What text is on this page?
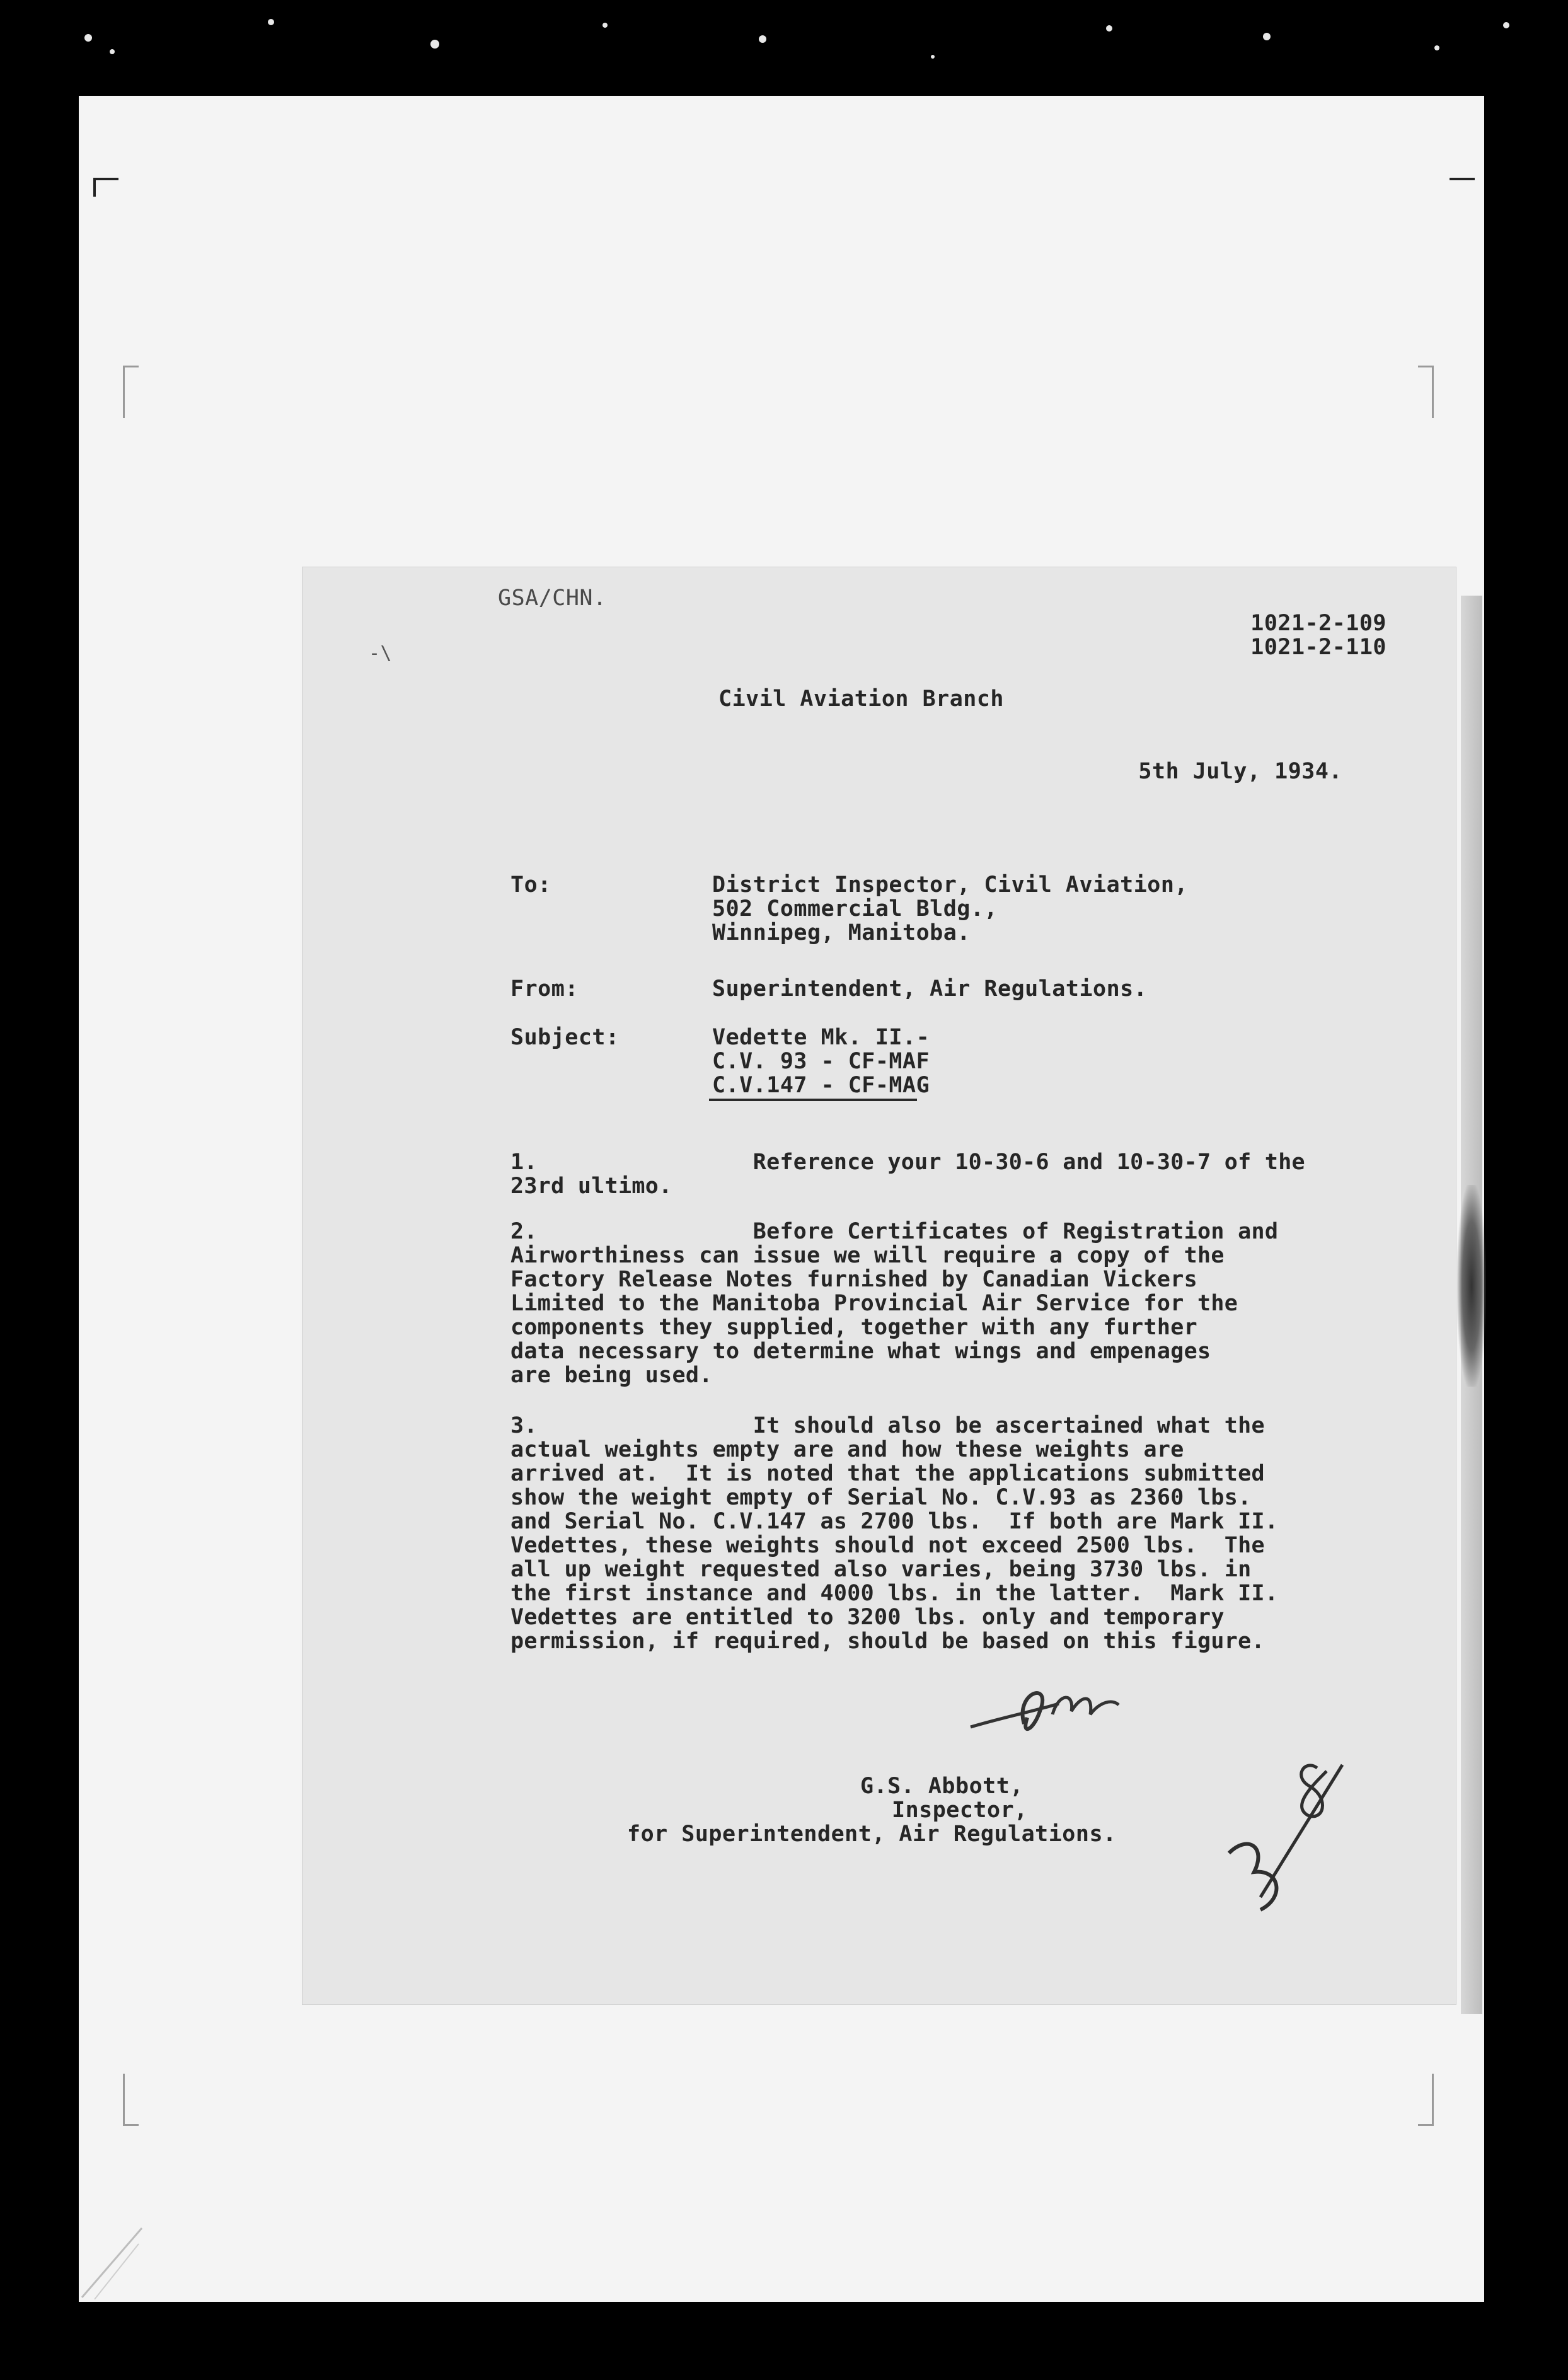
GSA/CHN.

-\

1021-2-109

1021-2-110

Civil Aviation Branch

5th July, 1934.

To:	District Inspector, Civil Aviation,

502 Commercial Bldg.,

Winnipeg, Manitoba.

From:	Superintendent, Air Regulations.

Subject:	Vedette Mk. II.-

C.V. 93 - CF-MAF

C.V.147 - CF-MAG

1.                Reference your 10-30-6 and 10-30-7 of the
23rd ultimo.

2.                Before Certificates of Registration and
Airworthiness can issue we will require a copy of the
Factory Release Notes furnished by Canadian Vickers
Limited to the Manitoba Provincial Air Service for the
components they supplied, together with any further
data necessary to determine what wings and empenages
are being used.

3.                It should also be ascertained what the
actual weights empty are and how these weights are
arrived at.  It is noted that the applications submitted
show the weight empty of Serial No. C.V.93 as 2360 lbs.
and Serial No. C.V.147 as 2700 lbs.  If both are Mark II.
Vedettes, these weights should not exceed 2500 lbs.  The
all up weight requested also varies, being 3730 lbs. in
the first instance and 4000 lbs. in the latter.  Mark II.
Vedettes are entitled to 3200 lbs. only and temporary
permission, if required, should be based on this figure.

G.S. Abbott,

Inspector,

for Superintendent, Air Regulations.
